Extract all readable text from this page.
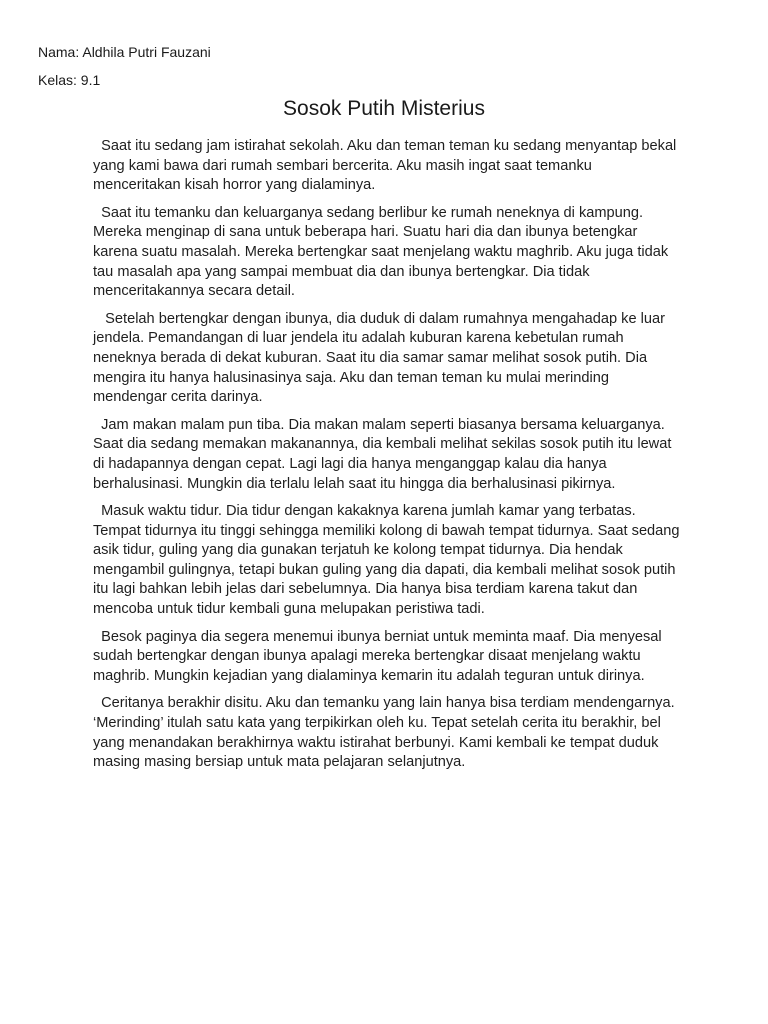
Nama: Aldhila Putri Fauzani
Kelas: 9.1
Sosok Putih Misterius

Saat itu sedang jam istirahat sekolah. Aku dan teman teman ku sedang menyantap bekal yang kami bawa dari rumah sembari bercerita. Aku masih ingat saat temanku menceritakan kisah horror yang dialaminya.

Saat itu temanku dan keluarganya sedang berlibur ke rumah neneknya di kampung. Mereka menginap di sana untuk beberapa hari. Suatu hari dia dan ibunya betengkar karena suatu masalah. Mereka bertengkar saat menjelang waktu maghrib. Aku juga tidak tau masalah apa yang sampai membuat dia dan ibunya bertengkar. Dia tidak menceritakannya secara detail.

Setelah bertengkar dengan ibunya, dia duduk di dalam rumahnya mengahadap ke luar jendela. Pemandangan di luar jendela itu adalah kuburan karena kebetulan rumah neneknya berada di dekat kuburan. Saat itu dia samar samar melihat sosok putih. Dia mengira itu hanya halusinasinya saja. Aku dan teman teman ku mulai merinding mendengar cerita darinya.

Jam makan malam pun tiba. Dia makan malam seperti biasanya bersama keluarganya. Saat dia sedang memakan makanannya, dia kembali melihat sekilas sosok putih itu lewat di hadapannya dengan cepat. Lagi lagi dia hanya menganggap kalau dia hanya berhalusinasi. Mungkin dia terlalu lelah saat itu hingga dia berhalusinasi pikirnya.

Masuk waktu tidur. Dia tidur dengan kakaknya karena jumlah kamar yang terbatas. Tempat tidurnya itu tinggi sehingga memiliki kolong di bawah tempat tidurnya. Saat sedang asik tidur, guling yang dia gunakan terjatuh ke kolong tempat tidurnya. Dia hendak mengambil gulingnya, tetapi bukan guling yang dia dapati, dia kembali melihat sosok putih itu lagi bahkan lebih jelas dari sebelumnya. Dia hanya bisa terdiam karena takut dan mencoba untuk tidur kembali guna melupakan peristiwa tadi.

Besok paginya dia segera menemui ibunya berniat untuk meminta maaf. Dia menyesal sudah bertengkar dengan ibunya apalagi mereka bertengkar disaat menjelang waktu maghrib. Mungkin kejadian yang dialaminya kemarin itu adalah teguran untuk dirinya.

Ceritanya berakhir disitu. Aku dan temanku yang lain hanya bisa terdiam mendengarnya. ‘Merinding’ itulah satu kata yang terpikirkan oleh ku. Tepat setelah cerita itu berakhir, bel yang menandakan berakhirnya waktu istirahat berbunyi. Kami kembali ke tempat duduk masing masing bersiap untuk mata pelajaran selanjutnya.
